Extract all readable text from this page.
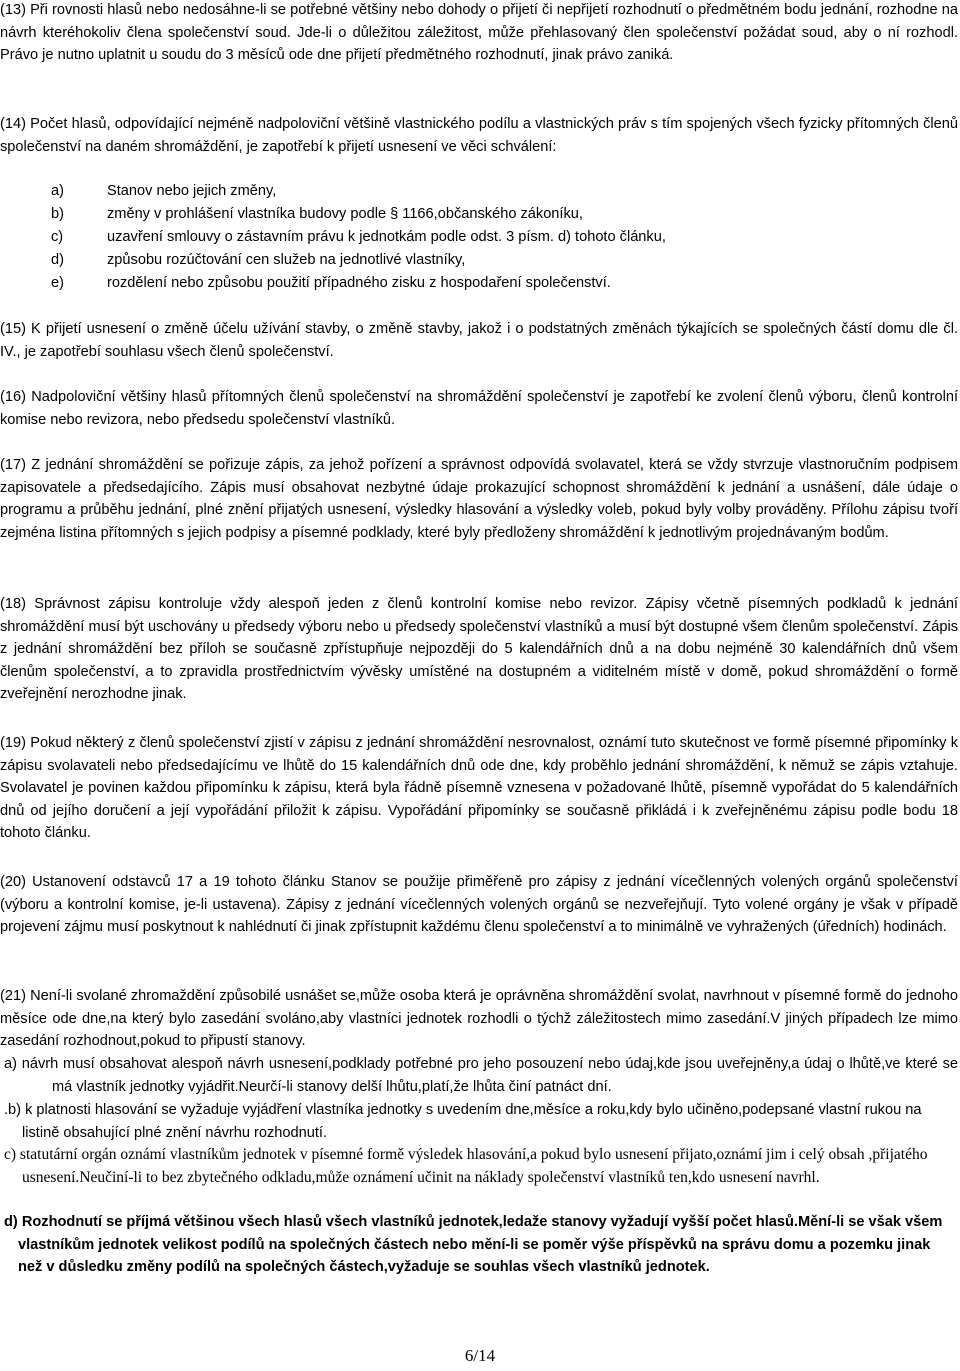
(13) Při rovnosti hlasů nebo nedosáhne-li se potřebné většiny nebo dohody o přijetí či nepřijetí rozhodnutí o předmětném bodu jednání, rozhodne na návrh kteréhokoliv člena společenství soud. Jde-li o důležitou záležitost, může přehlasovaný člen společenství požádat soud, aby o ní rozhodl. Právo je nutno uplatnit u soudu do 3 měsíců ode dne přijetí předmětného rozhodnutí, jinak právo zaniká.
(14) Počet hlasů, odpovídající nejméně nadpoloviční většině vlastnického podílu a vlastnických práv s tím spojených všech fyzicky přítomných členů společenství na daném shromáždění, je zapotřebí k přijetí usnesení ve věci schválení:
a)	Stanov nebo jejich změny,
b)	změny v prohlášení vlastníka budovy podle § 1166,občanského zákoníku,
c)	uzavření smlouvy o zástavním právu k jednotkám podle odst. 3 písm. d) tohoto článku,
d)	způsobu rozúčtování cen služeb na jednotlivé vlastníky,
e)	rozdělení nebo způsobu použití případného zisku z hospodaření společenství.
(15) K přijetí usnesení o změně účelu užívání stavby, o změně stavby, jakož i o podstatných změnách týkajících se společných částí domu dle čl. IV., je zapotřebí souhlasu všech členů společenství.
(16) Nadpoloviční většiny hlasů přítomných členů společenství na shromáždění společenství je zapotřebí ke zvolení členů výboru, členů kontrolní komise nebo revizora, nebo předsedu společenství vlastníků.
(17) Z jednání shromáždění se pořizuje zápis, za jehož pořízení a správnost odpovídá svolavatel, která se vždy stvrzuje vlastnoručním podpisem zapisovatele a předsedajícího. Zápis musí obsahovat nezbytné údaje prokazující schopnost shromáždění k jednání a usnášení, dále údaje o programu a průběhu jednání, plné znění přijatých usnesení, výsledky hlasování a výsledky voleb, pokud byly volby prováděny. Přílohu zápisu tvoří zejména listina přítomných s jejich podpisy a písemné podklady, které byly předloženy shromáždění k jednotlivým projednávaným bodům.
(18) Správnost zápisu kontroluje vždy alespoň jeden z členů kontrolní komise nebo revizor. Zápisy včetně písemných podkladů k jednání shromáždění musí být uschovány u předsedy výboru nebo u předsedy společenství vlastníků a musí být dostupné všem členům společenství. Zápis z jednání shromáždění bez příloh se současně zpřístupňuje nejpozději do 5 kalendářních dnů a na dobu nejméně 30 kalendářních dnů všem členům společenství, a to zpravidla prostřednictvím vývěsky umístěné na dostupném a viditelném místě v domě, pokud shromáždění o formě zveřejnění nerozhodne jinak.
(19) Pokud některý z členů společenství zjistí v zápisu z jednání shromáždění nesrovnalost, oznámí tuto skutečnost ve formě písemné připomínky k zápisu svolavateli nebo předsedajícímu ve lhůtě do 15 kalendářních dnů ode dne, kdy proběhlo jednání shromáždění, k němuž se zápis vztahuje. Svolavatel je povinen každou připomínku k zápisu, která byla řádně písemně vznesena v požadované lhůtě, písemně vypořádat do 5 kalendářních dnů od jejího doručení a její vypořádání přiložit k zápisu. Vypořádání připomínky se současně přikládá i k zveřejněnému zápisu podle bodu 18 tohoto článku.
(20) Ustanovení odstavců 17 a 19 tohoto článku Stanov se použije přiměřeně pro zápisy z jednání vícečlenných volených orgánů společenství (výboru a kontrolní komise, je-li ustavena). Zápisy z jednání vícečlenných volených orgánů se nezveřejňují. Tyto volené orgány je však v případě projevení zájmu musí poskytnout k nahlédnutí či jinak zpřístupnit každému členu společenství a to minimálně ve vyhražených (úředních) hodinách.
(21) Není-li svolané zhromaždění způsobilé usnášet se,může osoba která je oprávněna shromáždění svolat, navrhnout v písemné formě do jednoho měsíce ode dne,na který bylo zasedání svoláno,aby vlastníci jednotek rozhodli o týchž záležitostech mimo zasedání.V jiných případech lze mimo zasedání rozhodnout,pokud to připustí stanovy.
a) návrh musí obsahovat alespoň návrh usnesení,podklady potřebné pro jeho posouzení nebo údaj,kde jsou uveřejněny,a údaj o lhůtě,ve které se má vlastník jednotky vyjádřit.Neurčí-li stanovy delší lhůtu,platí,že lhůta činí patnáct dní.
.b) k platnosti hlasování se vyžaduje vyjádření vlastníka jednotky s uvedením dne,měsíce a roku,kdy bylo učiněno,podepsané vlastní rukou na listině obsahující plné znění návrhu rozhodnutí.
c) statutární orgán oznámí vlastníkům jednotek v písemné formě výsledek hlasování,a pokud bylo usnesení přijato,oznámí jim i celý obsah ,přijatého usnesení.Neučiní-li to bez zbytečného odkladu,může oznámení učinit na náklady společenství vlastníků ten,kdo usnesení navrhl.
d) Rozhodnutí se příjmá většinou všech hlasů všech vlastníků jednotek,ledaže stanovy vyžadují vyšší počet hlasů.Mění-li se však všem vlastníkům jednotek velikost podílů na společných částech nebo mění-li se poměr výše příspěvků na správu domu a pozemku jinak než v důsledku změny podílů na společných částech,vyžaduje se souhlas všech vlastníků jednotek.
6/14
